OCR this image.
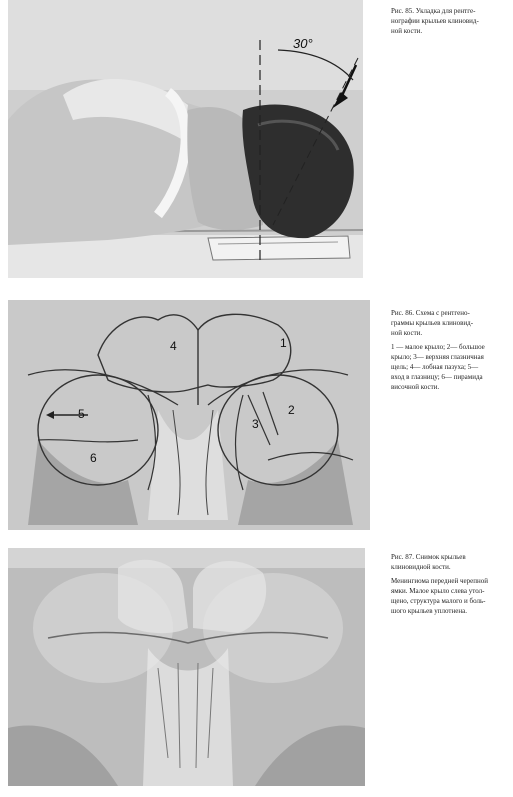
30°
Рис. 85. Укладка для рентге-
нографии крыльев клиновид-
ной кости.
1
2
3
4
5
6
Рис. 86. Схема с рентгено-
граммы крыльев клиновид-
ной кости.
1 — малое крыло; 2— большое
крыло; 3— верхняя глазничная
щель; 4— лобная пазуха; 5—
вход в глазницу; 6— пирамида
височной кости.
Рис. 87. Снимок крыльев
клиновидной кости.
Менингиома передней черепной
ямки. Малое крыло слева утол-
щено, структура малого и боль-
шого крыльев уплотнена.
